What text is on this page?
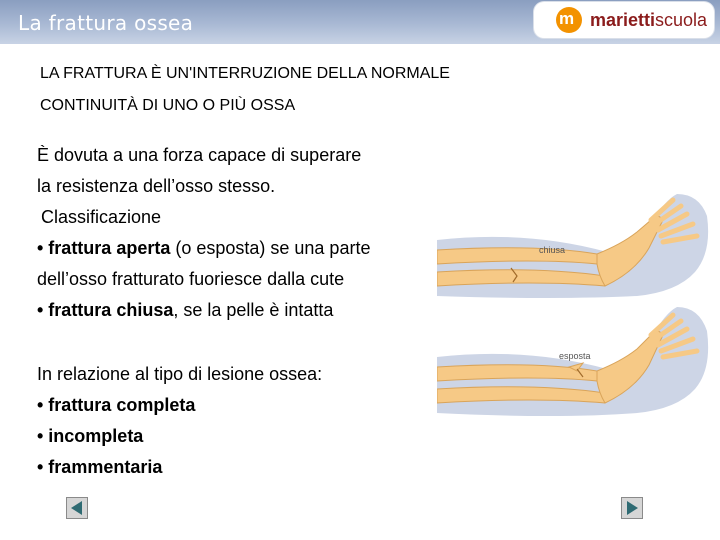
La frattura ossea	m mariettiscuola
LA FRATTURA È UN'INTERRUZIONE DELLA NORMALE
CONTINUITÀ DI UNO O PIÙ OSSA
È dovuta a una forza capace di superare
la resistenza dell’osso stesso.
Classificazione
• frattura aperta (o esposta) se una parte
dell’osso fratturato fuoriesce dalla cute
• frattura chiusa, se la pelle è intatta
In relazione al tipo di lesione ossea:
• frattura completa
• incompleta
• frammentaria
chiusa
esposta
